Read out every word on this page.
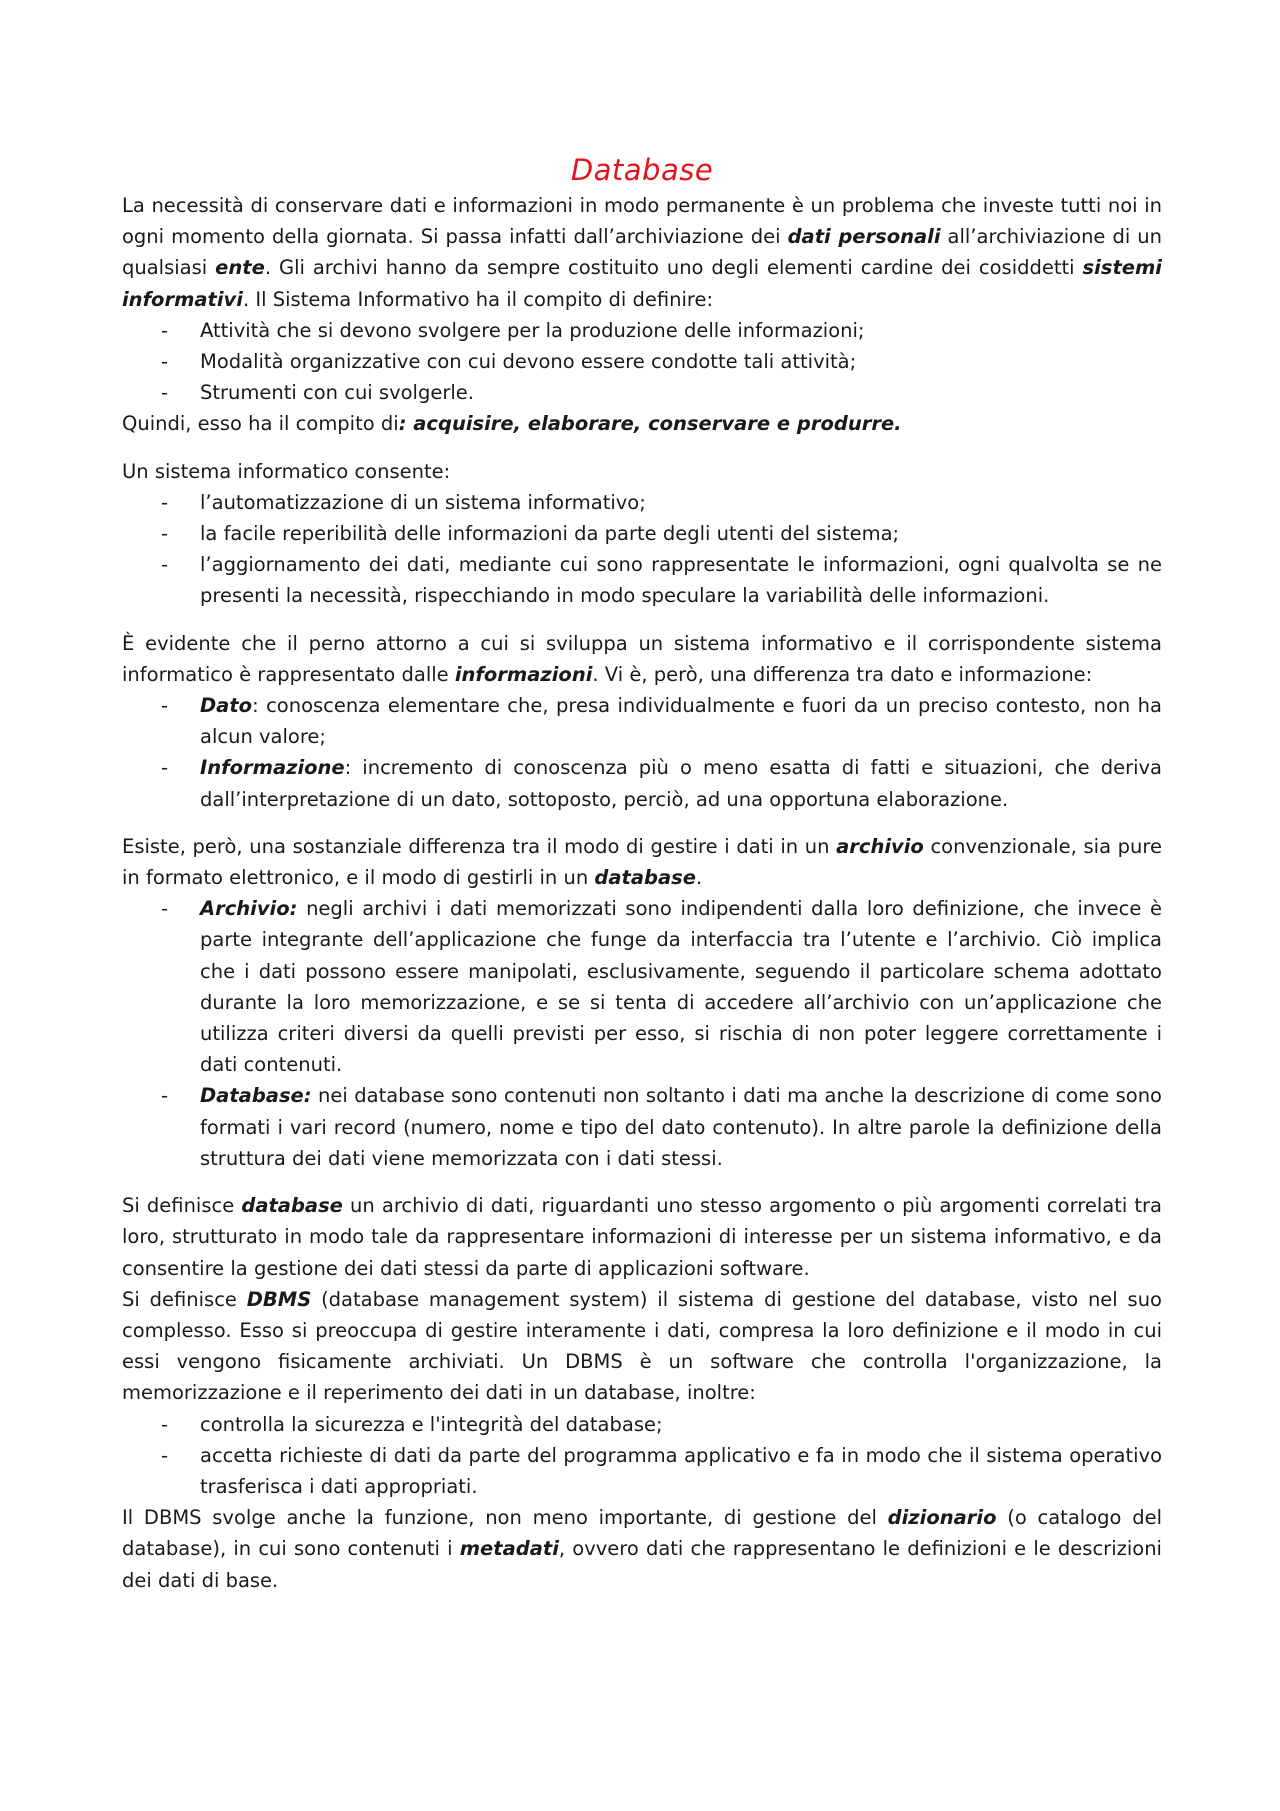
Database

La necessità di conservare dati e informazioni in modo permanente è un problema che investe tutti noi in ogni momento della giornata. Si passa infatti dall’archiviazione dei dati personali all’archiviazione di un qualsiasi ente. Gli archivi hanno da sempre costituito uno degli elementi cardine dei cosiddetti sistemi informativi. Il Sistema Informativo ha il compito di definire:

- Attività che si devono svolgere per la produzione delle informazioni;
- Modalità organizzative con cui devono essere condotte tali attività;
- Strumenti con cui svolgerle.

Quindi, esso ha il compito di: acquisire, elaborare, conservare e produrre.

Un sistema informatico consente:

- l’automatizzazione di un sistema informativo;
- la facile reperibilità delle informazioni da parte degli utenti del sistema;
- l’aggiornamento dei dati, mediante cui sono rappresentate le informazioni, ogni qualvolta se ne presenti la necessità, rispecchiando in modo speculare la variabilità delle informazioni.

È evidente che il perno attorno a cui si sviluppa un sistema informativo e il corrispondente sistema informatico è rappresentato dalle informazioni. Vi è, però, una differenza tra dato e informazione:

- Dato: conoscenza elementare che, presa individualmente e fuori da un preciso contesto, non ha alcun valore;
- Informazione: incremento di conoscenza più o meno esatta di fatti e situazioni, che deriva dall’interpretazione di un dato, sottoposto, perciò, ad una opportuna elaborazione.

Esiste, però, una sostanziale differenza tra il modo di gestire i dati in un archivio convenzionale, sia pure in formato elettronico, e il modo di gestirli in un database.

- Archivio: negli archivi i dati memorizzati sono indipendenti dalla loro definizione, che invece è parte integrante dell’applicazione che funge da interfaccia tra l’utente e l’archivio. Ciò implica che i dati possono essere manipolati, esclusivamente, seguendo il particolare schema adottato durante la loro memorizzazione, e se si tenta di accedere all’archivio con un’applicazione che utilizza criteri diversi da quelli previsti per esso, si rischia di non poter leggere correttamente i dati contenuti.
- Database: nei database sono contenuti non soltanto i dati ma anche la descrizione di come sono formati i vari record (numero, nome e tipo del dato contenuto). In altre parole la definizione della struttura dei dati viene memorizzata con i dati stessi.

Si definisce database un archivio di dati, riguardanti uno stesso argomento o più argomenti correlati tra loro, strutturato in modo tale da rappresentare informazioni di interesse per un sistema informativo, e da consentire la gestione dei dati stessi da parte di applicazioni software.

Si definisce DBMS (database management system) il sistema di gestione del database, visto nel suo complesso. Esso si preoccupa di gestire interamente i dati, compresa la loro definizione e il modo in cui essi vengono fisicamente archiviati. Un DBMS è un software che controlla l'organizzazione, la memorizzazione e il reperimento dei dati in un database, inoltre:

- controlla la sicurezza e l'integrità del database;
- accetta richieste di dati da parte del programma applicativo e fa in modo che il sistema operativo trasferisca i dati appropriati.

Il DBMS svolge anche la funzione, non meno importante, di gestione del dizionario (o catalogo del database), in cui sono contenuti i metadati, ovvero dati che rappresentano le definizioni e le descrizioni dei dati di base.
